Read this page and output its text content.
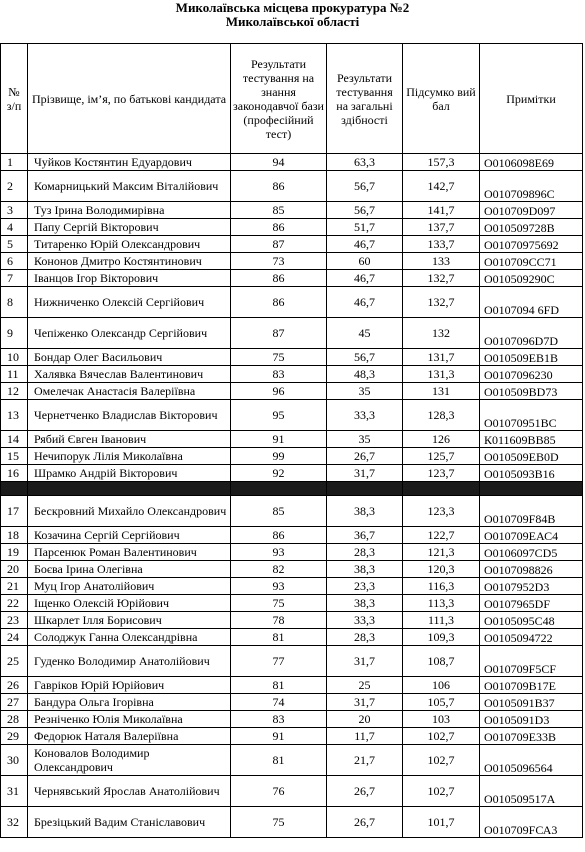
Миколаївська місцева прокуратура №2
Миколаївської області
№ з/п	Прізвище, ім’я, по батькові кандидата	Результати тестування на знання законодавчої бази (професійний тест)	Результати тестування на загальні здібності	Підсумко вий бал	Примітки
1	Чуйков Костянтин Едуардович	94	63,3	157,3	О0106098Е69
2	Комарницький Максим Віталійович	86	56,7	142,7	О010709896С
3	Туз Ірина Володимирівна	85	56,7	141,7	О010709D097
4	Папу Сергій Вікторович	86	51,7	137,7	О010509728В
5	Титаренко Юрій Олександрович	87	46,7	133,7	О01070975692
6	Кононов Дмитро Костянтинович	73	60	133	О010709СС71
7	Іванцов Ігор Вікторович	86	46,7	132,7	О010509290С
8	Нижниченко Олексій Сергійович	86	46,7	132,7	О0107094 6FD
9	Чепіженко Олександр Сергійович	87	45	132	О0107096D7D
10	Бондар Олег Васильович	75	56,7	131,7	О010509ЕВ1В
11	Халявка Вячеслав Валентинович	83	48,3	131,3	О0107096230
12	Омелечак Анастасія Валеріївна	96	35	131	О010509ВD73
13	Чернетченко Владислав Вікторович	95	33,3	128,3	О01070951ВС
14	Рябий Євген Іванович	91	35	126	К011609ВВ85
15	Нечипорук Лілія Миколаївна	99	26,7	125,7	О010509ЕВ0D
16	Шрамко Андрій Вікторович	92	31,7	123,7	О0105093В16

17	Бескровний Михайло Олександрович	85	38,3	123,3	О010709F84В
18	Козачина Сергій Сергійович	86	36,7	122,7	О010709ЕАС4
19	Парсенюк Роман Валентинович	93	28,3	121,3	О0106097СD5
20	Боєва Ірина Олегівна	82	38,3	120,3	О0107098826
21	Муц Ігор Анатолійович	93	23,3	116,3	О0107952D3
22	Іщенко Олексій Юрійович	75	38,3	113,3	О0107965DF
23	Шкарлет Ілля Борисович	78	33,3	111,3	О0105095С48
24	Солоджук Ганна Олександрівна	81	28,3	109,3	О0105094722
25	Гуденко Володимир Анатолійович	77	31,7	108,7	О010709F5СF
26	Гавріков Юрій Юрійович	81	25	106	О010709В17Е
27	Бандура Ольга Ігорівна	74	31,7	105,7	О0105091В37
28	Резніченко Юлія Миколаївна	83	20	103	О0105091D3
29	Федорюк Наталя Валеріївна	91	11,7	102,7	О010709Е33В
30	Коновалов Володимир Олександрович	81	21,7	102,7	О0105096564
31	Чернявський Ярослав Анатолійович	76	26,7	102,7	О010509517А
32	Брезіцький Вадим Станіславович	75	26,7	101,7	О010709FСА3
